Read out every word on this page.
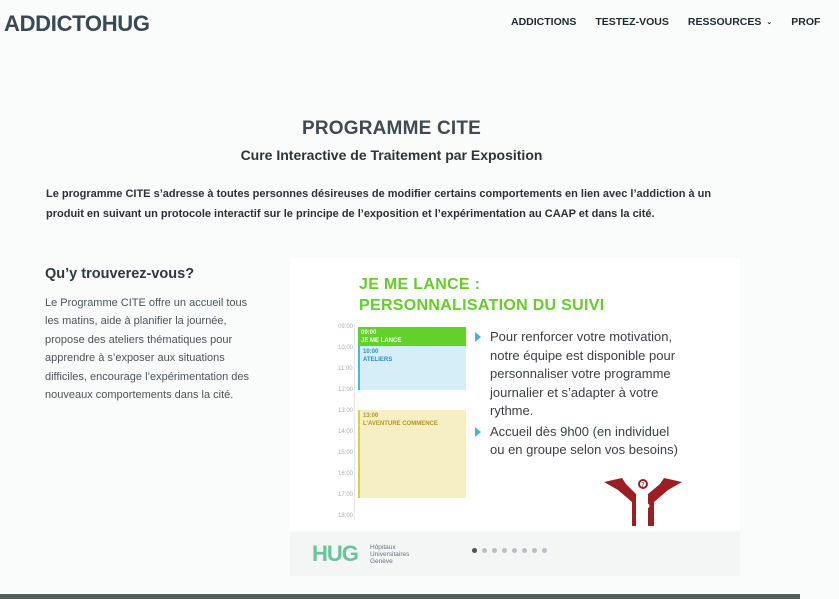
ADDICTOHUG	ADDICTIONS TESTEZ-VOUS RESSOURCES ⌄ PROF
PROGRAMME CITE
Cure Interactive de Traitement par Exposition

Le programme CITE s’adresse à toutes personnes désireuses de modifier certains comportements en lien avec l’addiction à un produit en suivant un protocole interactif sur le principe de l’exposition et l’expérimentation au CAAP et dans la cité.

Qu’y trouverez-vous?

Le Programme CITE offre un accueil tous les matins, aide à planifier la journée, propose des ateliers thématiques pour apprendre à s’exposer aux situations difficiles, encourage l’expérimentation des nouveaux comportements dans la cité.

JE ME LANCE :
PERSONNALISATION DU SUIVI
09:00
10:00
11:00
12:00
13:00
14:00
15:00
16:00
17:00
18:00
09:00
JE ME LANCE
10:00
ATELIERS
13:00
L’AVENTURE COMMENCE
Pour renforcer votre motivation, notre équipe est disponible pour personnaliser votre programme journalier et s’adapter à votre rythme.
Accueil dès 9h00 (en individuel ou en groupe selon vos besoins)
?
HUG Hôpitaux
Universitaires
Genève
